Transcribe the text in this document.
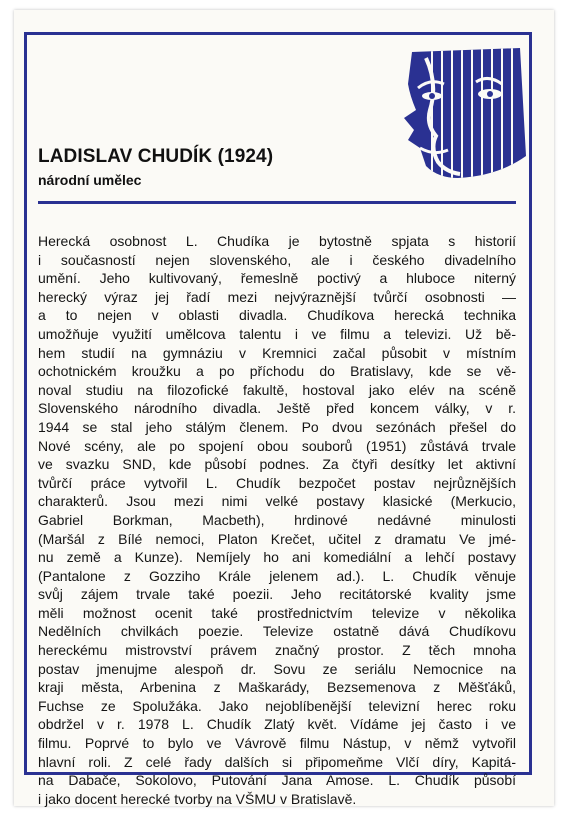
LADISLAV CHUDÍK (1924)

národní umělec

Herecká osobnost L. Chudíka je bytostně spjata s historií
i současností nejen slovenského, ale i českého divadelního
umění. Jeho kultivovaný, řemeslně poctivý a hluboce niterný
herecký výraz jej řadí mezi nejvýraznější tvůrčí osobnosti —
a to nejen v oblasti divadla. Chudíkova herecká technika
umožňuje využití umělcova talentu i ve filmu a televizi. Už bě-
hem studií na gymnáziu v Kremnici začal působit v místním
ochotnickém kroužku a po příchodu do Bratislavy, kde se vě-
noval studiu na filozofické fakultě, hostoval jako elév na scéně
Slovenského národního divadla. Ještě před koncem války, v r.
1944 se stal jeho stálým členem. Po dvou sezónách přešel do
Nové scény, ale po spojení obou souborů (1951) zůstává trvale
ve svazku SND, kde působí podnes. Za čtyři desítky let aktivní
tvůrčí práce vytvořil L. Chudík bezpočet postav nejrůznějších
charakterů. Jsou mezi nimi velké postavy klasické (Merkucio,
Gabriel Borkman, Macbeth), hrdinové nedávné minulosti
(Maršál z Bílé nemoci, Platon Krečet, učitel z dramatu Ve jmé-
nu země a Kunze). Nemíjely ho ani komediální a lehčí postavy
(Pantalone z Gozziho Krále jelenem ad.). L. Chudík věnuje
svůj zájem trvale také poezii. Jeho recitátorské kvality jsme
měli možnost ocenit také prostřednictvím televize v několika
Nedělních chvilkách poezie. Televize ostatně dává Chudíkovu
hereckému mistrovství právem značný prostor. Z těch mnoha
postav jmenujme alespoň dr. Sovu ze seriálu Nemocnice na
kraji města, Arbenina z Maškarády, Bezsemenova z Měšťáků,
Fuchse ze Spolužáka. Jako nejoblíbenější televizní herec roku
obdržel v r. 1978 L. Chudík Zlatý květ. Vídáme jej často i ve
filmu. Poprvé to bylo ve Vávrově filmu Nástup, v němž vytvořil
hlavní roli. Z celé řady dalších si připomeňme Vlčí díry, Kapitá-
na Dabače, Sokolovo, Putování Jana Amose. L. Chudík působí
i jako docent herecké tvorby na VŠMU v Bratislavě.
